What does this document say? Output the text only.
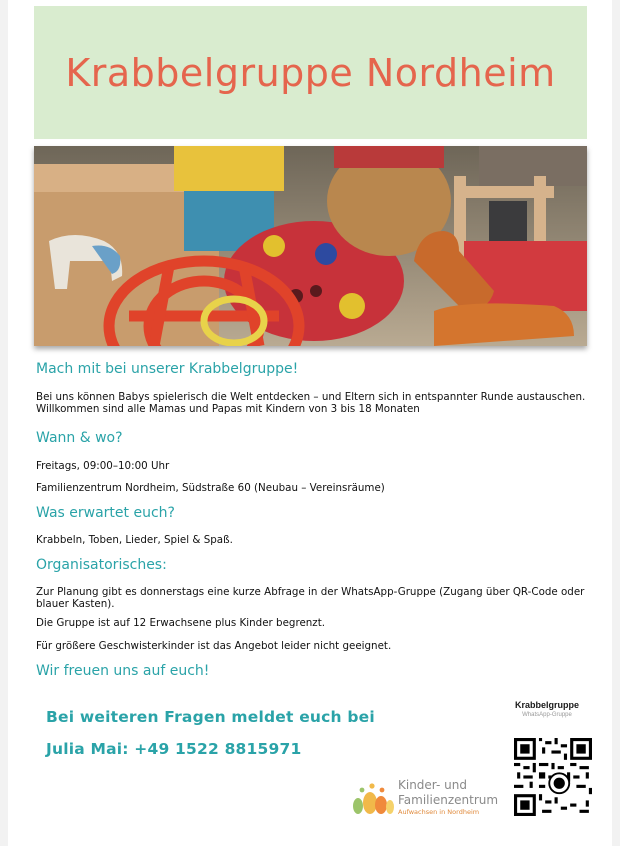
Krabbelgruppe Nordheim
Mach mit bei unserer Krabbelgruppe!
Bei uns können Babys spielerisch die Welt entdecken – und Eltern sich in entspannter Runde austauschen. Willkommen sind alle Mamas und Papas mit Kindern von 3 bis 18 Monaten
Wann & wo?
Freitags, 09:00–10:00 Uhr
Familienzentrum Nordheim, Südstraße 60 (Neubau – Vereinsräume)
Was erwartet euch?
Krabbeln, Toben, Lieder, Spiel & Spaß.
Organisatorisches:
Zur Planung gibt es donnerstags eine kurze Abfrage in der WhatsApp-Gruppe (Zugang über QR-Code oder blauer Kasten).
Die Gruppe ist auf 12 Erwachsene plus Kinder begrenzt.
Für größere Geschwisterkinder ist das Angebot leider nicht geeignet.
Wir freuen uns auf euch!
Bei weiteren Fragen meldet euch bei
Julia Mai: +49 1522 8815971
Krabbelgruppe
WhatsApp-Gruppe
Kinder- und
Familienzentrum
Aufwachsen in Nordheim
